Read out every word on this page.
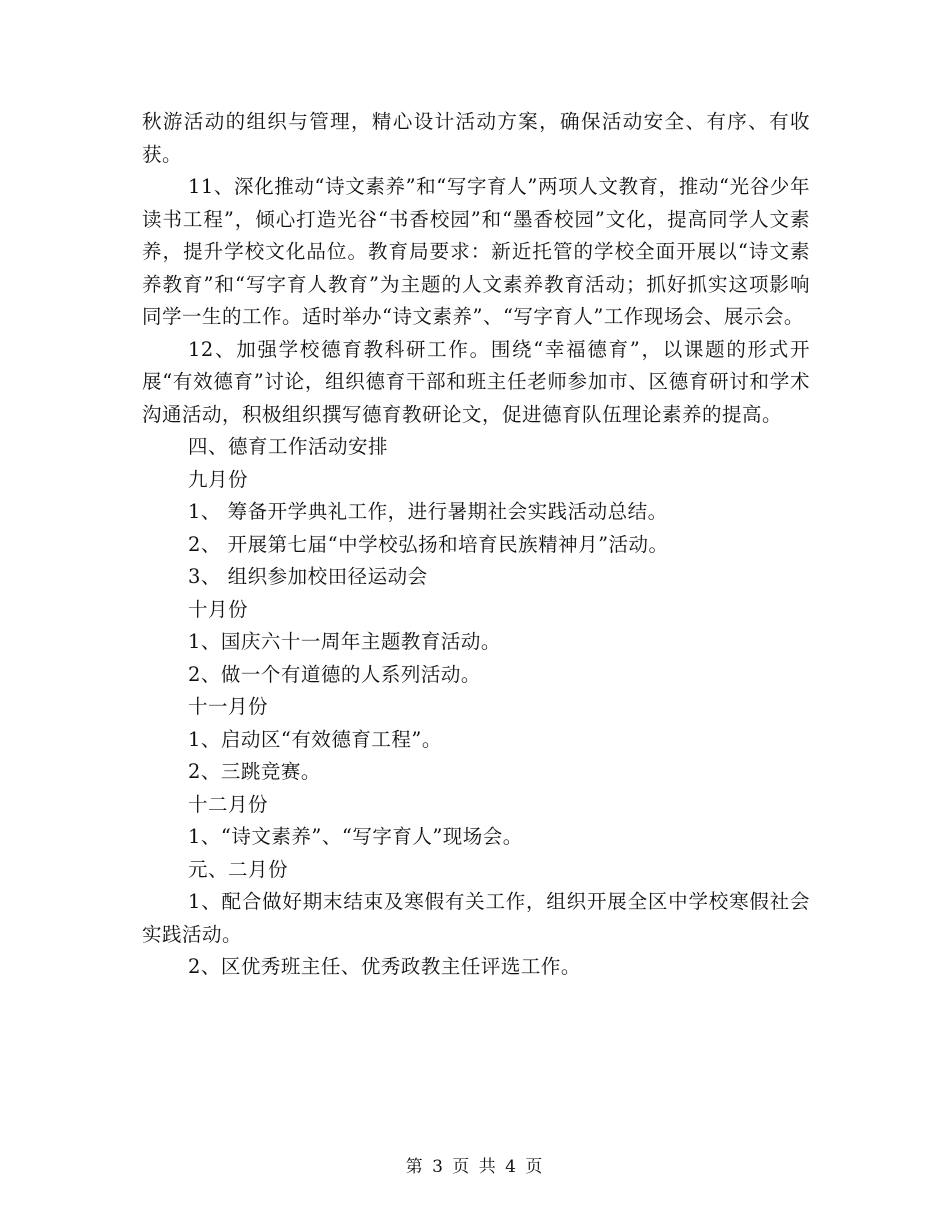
秋游活动的组织与管理，精心设计活动方案，确保活动安全、有序、有收获。

11、深化推动“诗文素养”和“写字育人”两项人文教育，推动“光谷少年读书工程”，倾心打造光谷“书香校园”和“墨香校园”文化，提高同学人文素养，提升学校文化品位。教育局要求：新近托管的学校全面开展以“诗文素养教育”和“写字育人教育”为主题的人文素养教育活动；抓好抓实这项影响同学一生的工作。适时举办“诗文素养”、“写字育人”工作现场会、展示会。

12、加强学校德育教科研工作。围绕“幸福德育”，以课题的形式开展“有效德育”讨论，组织德育干部和班主任老师参加市、区德育研讨和学术沟通活动，积极组织撰写德育教研论文，促进德育队伍理论素养的提高。

四、德育工作活动安排

九月份

1、 筹备开学典礼工作，进行暑期社会实践活动总结。

2、 开展第七届“中学校弘扬和培育民族精神月”活动。

3、 组织参加校田径运动会

十月份

1、国庆六十一周年主题教育活动。

2、做一个有道德的人系列活动。

十一月份

1、启动区“有效德育工程”。

2、三跳竞赛。

十二月份

1、“诗文素养”、“写字育人”现场会。

元、二月份

1、配合做好期末结束及寒假有关工作，组织开展全区中学校寒假社会实践活动。

2、区优秀班主任、优秀政教主任评选工作。

第 3 页 共 4 页
